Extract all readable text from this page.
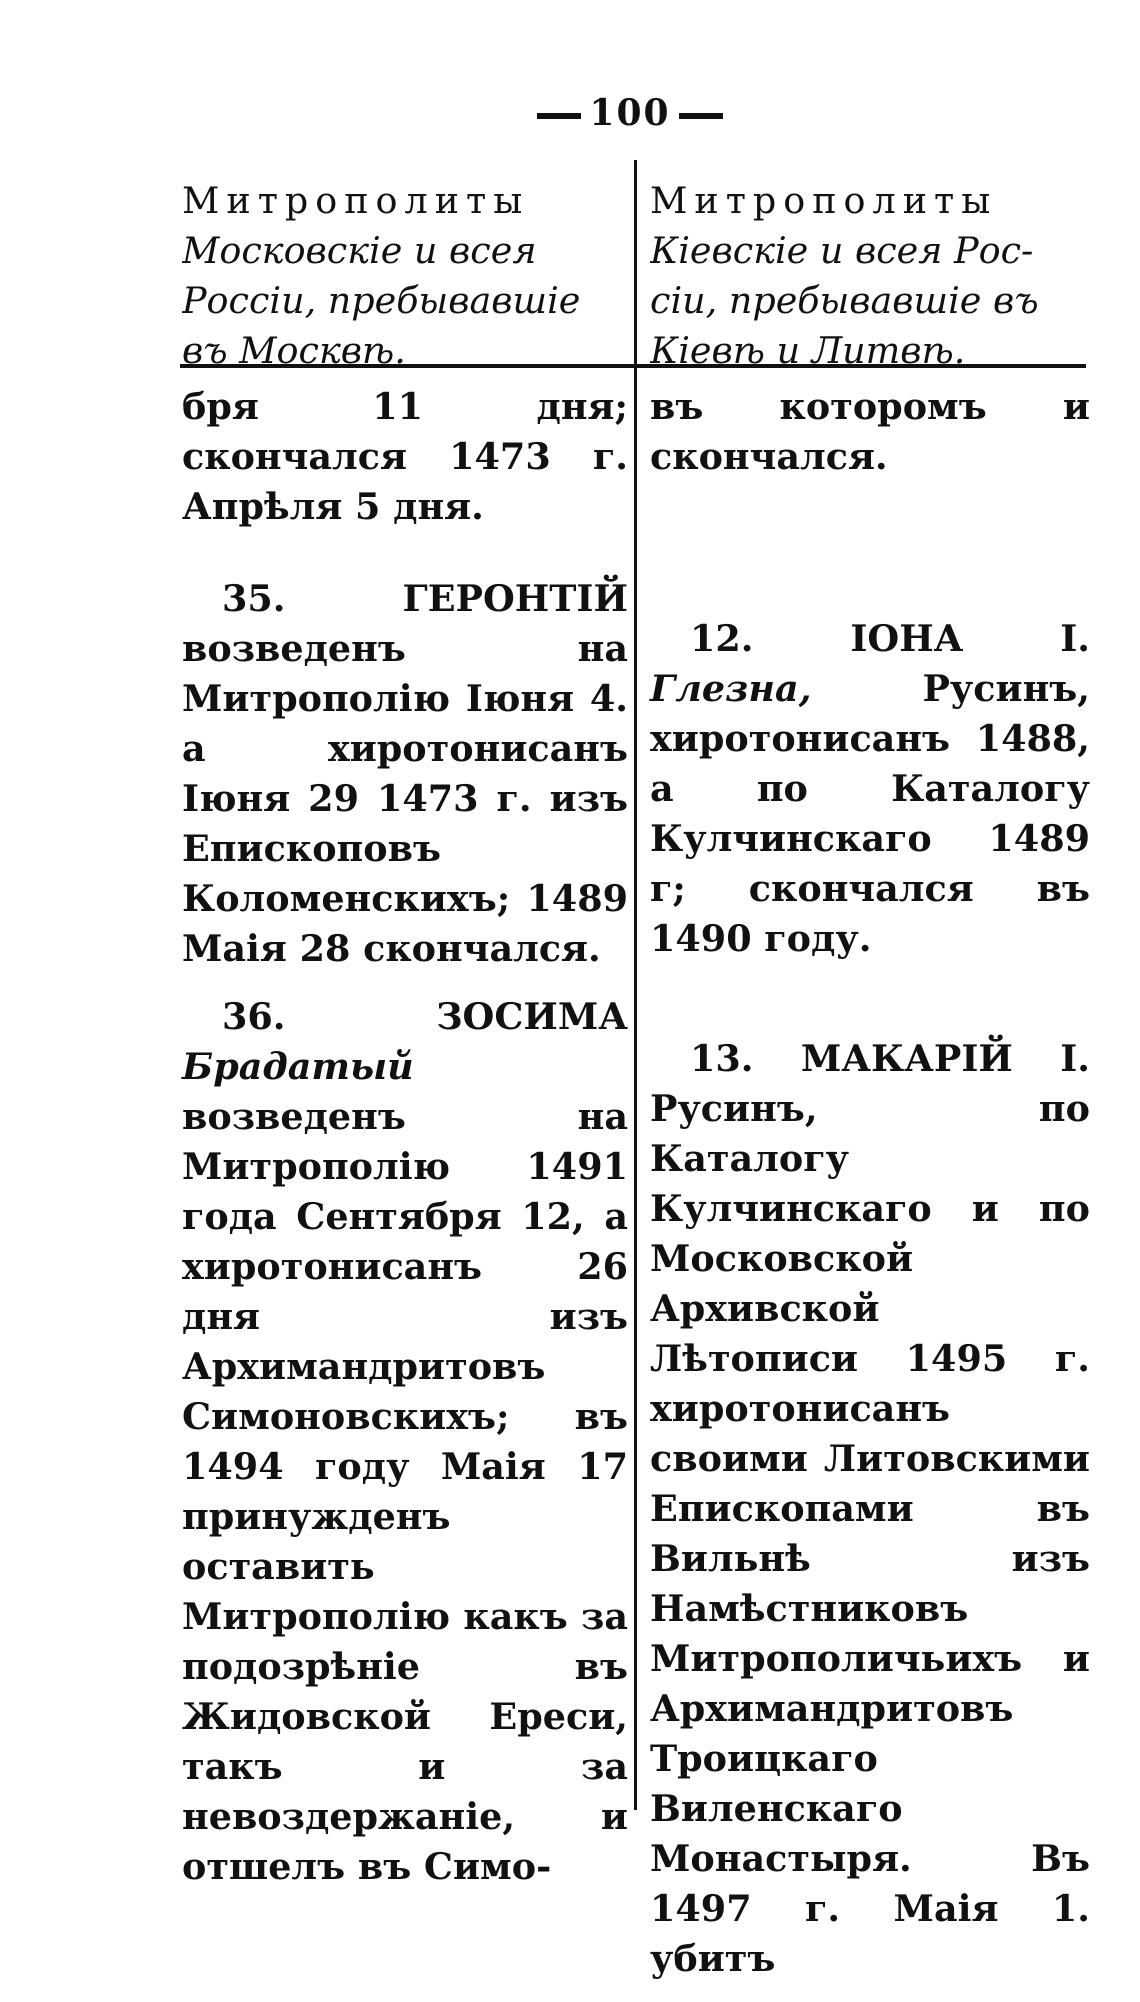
100
Митрополиты
Московскіе и всея
Россіи, пребывавшіе
въ Москвѣ.
бря 11 дня; скончался 1473 г. Апрѣля 5 дня.
35.	ГЕРОНТІЙ возведенъ на Митрополію Іюня 4. а хиротонисанъ Іюня 29 1473 г. изъ Епископовъ Коломенскихъ; 1489 Маія 28 скончался.
36.	ЗОСИМА Брадатый возведенъ на Митрополію 1491 года Сентября 12, а хиротонисанъ 26 дня изъ Архимандритовъ Симоновскихъ; въ 1494 году Маія 17 принужденъ оставить Митрополію какъ за подозрѣніе въ Жидовской Ереси, такъ и за невоздержаніе, и отшелъ въ Симо-
Митрополиты
Кіевскіе и всея Рос-
сіи, пребывавшіе въ
Кіевѣ и Литвѣ.
въ которомъ и скончался.
12.	ІОНА І. Глезна,	Русинъ, хиротонисанъ 1488, а по Каталогу Кулчинскаго 1489 г; скончался въ 1490 году.
13. МАКАРІЙ І. Русинъ, по Каталогу Кулчинскаго и по Московской Архивской Лѣтописи 1495 г. хиротонисанъ своими Литовскими Епископами въ Вильнѣ изъ Намѣстниковъ Митрополичьихъ и Архимандритовъ Троицкаго Виленскаго Монастыря. Въ 1497 г. Маія 1. убитъ
